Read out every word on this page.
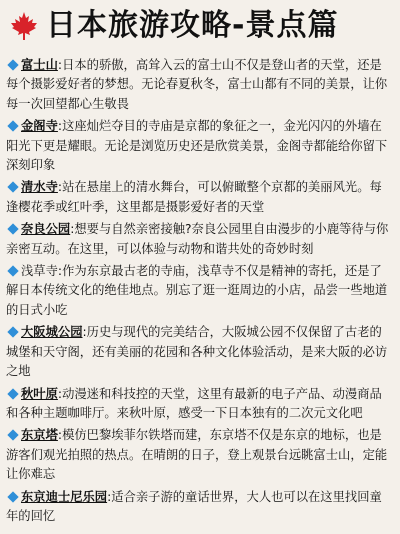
日本旅游攻略-景点篇
富士山:日本的骄傲，高耸入云的富士山不仅是登山者的天堂，还是每个摄影爱好者的梦想。无论春夏秋冬，富士山都有不同的美景，让你每一次回望都心生敬畏
金阁寺:这座灿烂夺目的寺庙是京都的象征之一，金光闪闪的外墙在阳光下更是耀眼。无论是浏览历史还是欣赏美景，金阁寺都能给你留下深刻印象
清水寺:站在悬崖上的清水舞台，可以俯瞰整个京都的美丽风光。每逢樱花季或红叶季，这里都是摄影爱好者的天堂
奈良公园:想要与自然亲密接触?奈良公园里自由漫步的小鹿等待与你亲密互动。在这里，可以体验与动物和谐共处的奇妙时刻
浅草寺:作为东京最古老的寺庙，浅草寺不仅是精神的寄托，还是了解日本传统文化的绝佳地点。别忘了逛一逛周边的小店，品尝一些地道的日式小吃
大阪城公园:历史与现代的完美结合，大阪城公园不仅保留了古老的城堡和天守阁，还有美丽的花园和各种文化体验活动，是来大阪的必访之地
秋叶原:动漫迷和科技控的天堂，这里有最新的电子产品、动漫商品和各种主题咖啡厅。来秋叶原，感受一下日本独有的二次元文化吧
东京塔:模仿巴黎埃菲尔铁塔而建，东京塔不仅是东京的地标，也是游客们观光拍照的热点。在晴朗的日子，登上观景台远眺富士山，定能让你难忘
东京迪士尼乐园:适合亲子游的童话世界，大人也可以在这里找回童年的回忆
